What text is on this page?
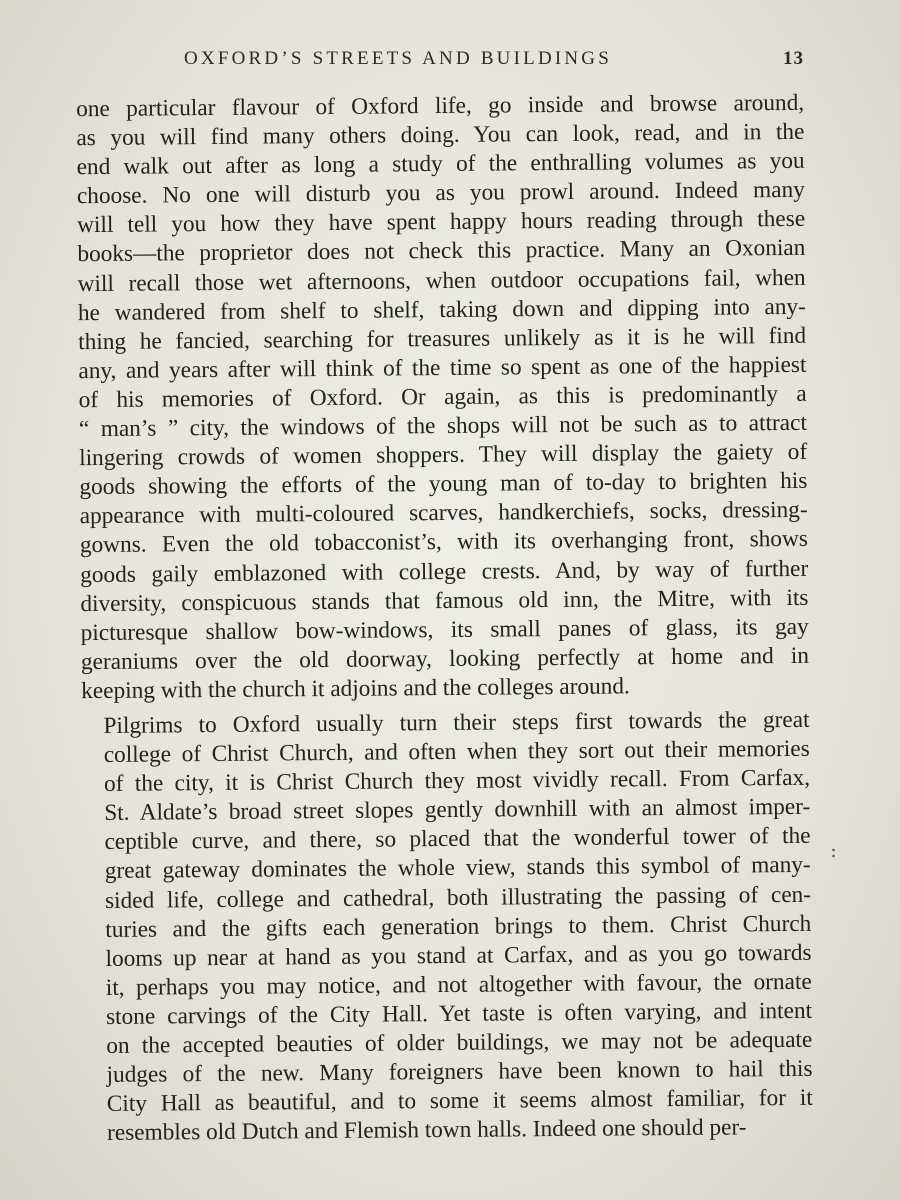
OXFORD’S STREETS AND BUILDINGS	13

one particular flavour of Oxford life, go inside and browse around,
as you will find many others doing. You can look, read, and in the
end walk out after as long a study of the enthralling volumes as you
choose. No one will disturb you as you prowl around. Indeed many
will tell you how they have spent happy hours reading through these
books—the proprietor does not check this practice. Many an Oxonian
will recall those wet afternoons, when outdoor occupations fail, when
he wandered from shelf to shelf, taking down and dipping into any-
thing he fancied, searching for treasures unlikely as it is he will find
any, and years after will think of the time so spent as one of the happiest
of his memories of Oxford. Or again, as this is predominantly a
“ man’s ” city, the windows of the shops will not be such as to attract
lingering crowds of women shoppers. They will display the gaiety of
goods showing the efforts of the young man of to-day to brighten his
appearance with multi-coloured scarves, handkerchiefs, socks, dressing-
gowns. Even the old tobacconist’s, with its overhanging front, shows
goods gaily emblazoned with college crests. And, by way of further
diversity, conspicuous stands that famous old inn, the Mitre, with its
picturesque shallow bow-windows, its small panes of glass, its gay
geraniums over the old doorway, looking perfectly at home and in
keeping with the church it adjoins and the colleges around.

Pilgrims to Oxford usually turn their steps first towards the great
college of Christ Church, and often when they sort out their memories
of the city, it is Christ Church they most vividly recall. From Carfax,
St. Aldate’s broad street slopes gently downhill with an almost imper-
ceptible curve, and there, so placed that the wonderful tower of the
great gateway dominates the whole view, stands this symbol of many-
sided life, college and cathedral, both illustrating the passing of cen-
turies and the gifts each generation brings to them. Christ Church
looms up near at hand as you stand at Carfax, and as you go towards
it, perhaps you may notice, and not altogether with favour, the ornate
stone carvings of the City Hall. Yet taste is often varying, and intent
on the accepted beauties of older buildings, we may not be adequate
judges of the new. Many foreigners have been known to hail this
City Hall as beautiful, and to some it seems almost familiar, for it
resembles old Dutch and Flemish town halls. Indeed one should per-
